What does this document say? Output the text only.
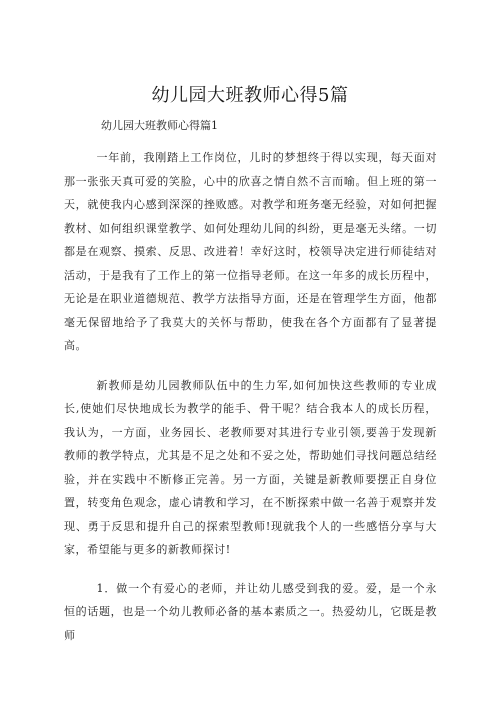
幼儿园大班教师心得5篇

幼儿园大班教师心得篇1

一年前，我刚踏上工作岗位，儿时的梦想终于得以实现，每天面对那一张张天真可爱的笑脸，心中的欣喜之情自然不言而喻。但上班的第一天，就使我内心感到深深的挫败感。对教学和班务毫无经验，对如何把握教材、如何组织课堂教学、如何处理幼儿间的纠纷，更是毫无头绪。一切都是在观察、摸索、反思、改进着！幸好这时，校领导决定进行师徒结对活动，于是我有了工作上的第一位指导老师。在这一年多的成长历程中，无论是在职业道德规范、教学方法指导方面，还是在管理学生方面，他都毫无保留地给予了我莫大的关怀与帮助，使我在各个方面都有了显著提高。

新教师是幼儿园教师队伍中的生力军,如何加快这些教师的专业成长,使她们尽快地成长为教学的能手、骨干呢？结合我本人的成长历程，我认为，一方面，业务园长、老教师要对其进行专业引领,要善于发现新教师的教学特点，尤其是不足之处和不妥之处，帮助她们寻找问题总结经验，并在实践中不断修正完善。另一方面，关键是新教师要摆正自身位置，转变角色观念，虚心请教和学习，在不断探索中做一名善于观察并发现、勇于反思和提升自己的探索型教师!现就我个人的一些感悟分享与大家，希望能与更多的新教师探讨!

1．做一个有爱心的老师，并让幼儿感受到我的爱。爱，是一个永恒的话题，也是一个幼儿教师必备的基本素质之一。热爱幼儿，它既是教师
